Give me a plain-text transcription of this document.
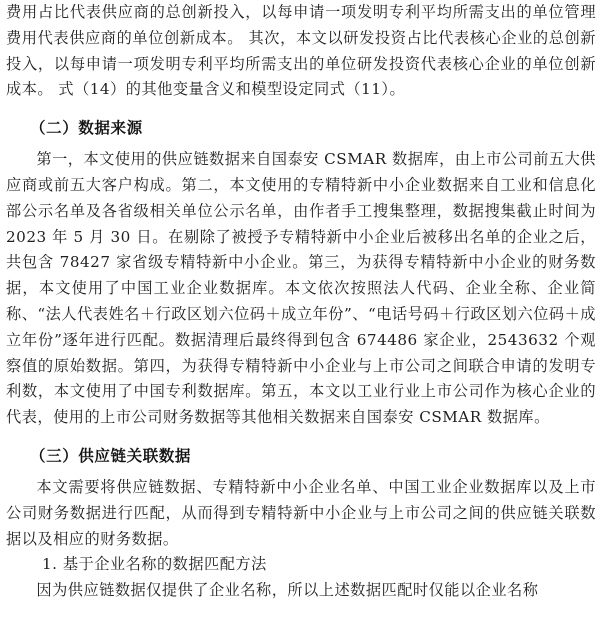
费用占比代表供应商的总创新投入，以每申请一项发明专利平均所需支出的单位管理费用代表供应商的单位创新成本。 其次，本文以研发投资占比代表核心企业的总创新投入，以每申请一项发明专利平均所需支出的单位研发投资代表核心企业的单位创新成本。 式（14）的其他变量含义和模型设定同式（11）。

（二）数据来源

第一，本文使用的供应链数据来自国泰安 CSMAR 数据库，由上市公司前五大供应商或前五大客户构成。第二，本文使用的专精特新中小企业数据来自工业和信息化部公示名单及各省级相关单位公示名单，由作者手工搜集整理，数据搜集截止时间为 2023 年 5 月 30 日。在剔除了被授予专精特新中小企业后被移出名单的企业之后，共包含 78427 家省级专精特新中小企业。第三，为获得专精特新中小企业的财务数据，本文使用了中国工业企业数据库。本文依次按照法人代码、企业全称、企业简称、“法人代表姓名＋行政区划六位码＋成立年份”、“电话号码＋行政区划六位码＋成立年份”逐年进行匹配。数据清理后最终得到包含 674486 家企业，2543632 个观察值的原始数据。第四，为获得专精特新中小企业与上市公司之间联合申请的发明专利数，本文使用了中国专利数据库。第五，本文以工业行业上市公司作为核心企业的代表，使用的上市公司财务数据等其他相关数据来自国泰安 CSMAR 数据库。

（三）供应链关联数据

本文需要将供应链数据、专精特新中小企业名单、中国工业企业数据库以及上市公司财务数据进行匹配，从而得到专精特新中小企业与上市公司之间的供应链关联数据以及相应的财务数据。

1. 基于企业名称的数据匹配方法

因为供应链数据仅提供了企业名称，所以上述数据匹配时仅能以企业名称
